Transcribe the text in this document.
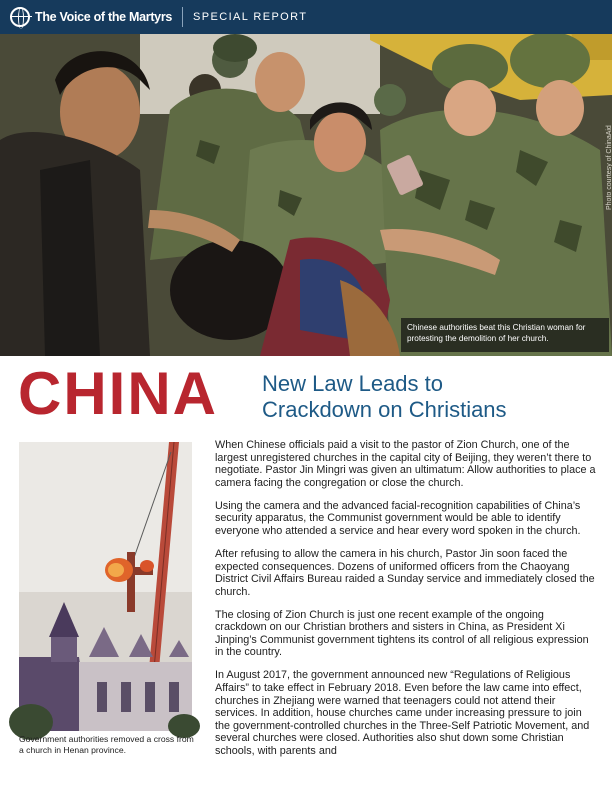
Photo courtesy of ChinaAid
Chinese authorities beat this Christian woman for protesting the demolition of her church.
The Voice of the Martyrs SPECIAL REPORT
CHINA New Law Leads to
Crackdown on Christians
Government authorities removed a cross from a church in Henan province.

When Chinese officials paid a visit to the pastor of Zion Church, one of the largest unregistered churches in the capital city of Beijing, they weren’t there to negotiate. Pastor Jin Mingri was given an ultimatum: Allow authorities to place a camera facing the congregation or close the church.

Using the camera and the advanced facial-recognition capabilities of China’s security apparatus, the Communist government would be able to identify everyone who attended a service and hear every word spoken in the church.

After refusing to allow the camera in his church, Pastor Jin soon faced the expected consequences. Dozens of uniformed officers from the Chaoyang District Civil Affairs Bureau raided a Sunday service and immediately closed the church.

The closing of Zion Church is just one recent example of the ongoing crackdown on our Christian brothers and sisters in China, as President Xi Jinping’s Communist government tightens its control of all religious expression in the country.

In August 2017, the government announced new “Regulations of Religious Affairs” to take effect in February 2018. Even before the law came into effect, churches in Zhejiang were warned that teenagers could not attend their services. In addition, house churches came under increasing pressure to join the government-controlled churches in the Three-Self Patriotic Movement, and several churches were closed. Authorities also shut down some Christian schools, with parents and
